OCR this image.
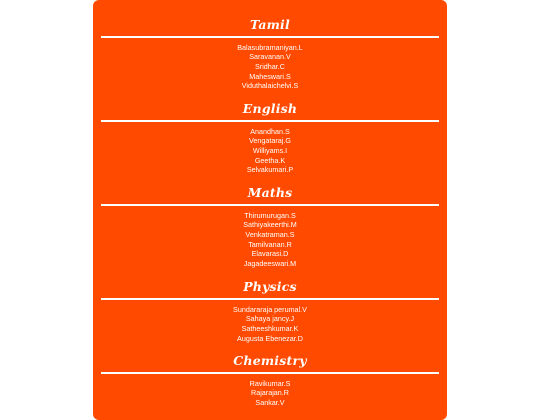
Tamil
Balasubramaniyan.L
Saravanan.V
Sridhar.C
Maheswari.S
Viduthalaichelvi.S
English
Anandhan.S
Vengataraj.G
Williyams.I
Geetha.K
Selvakumari.P
Maths
Thirumurugan.S
Sathiyakeerthi.M
Venkatraman.S
Tamilvanan.R
Elavarasi.D
Jagadeeswari.M
Physics
Sundararaja perumal.V
Sahaya jancy.J
Satheeshkumar.K
Augusta Ebenezar.D
Chemistry
Ravikumar.S
Rajarajan.R
Sankar.V
